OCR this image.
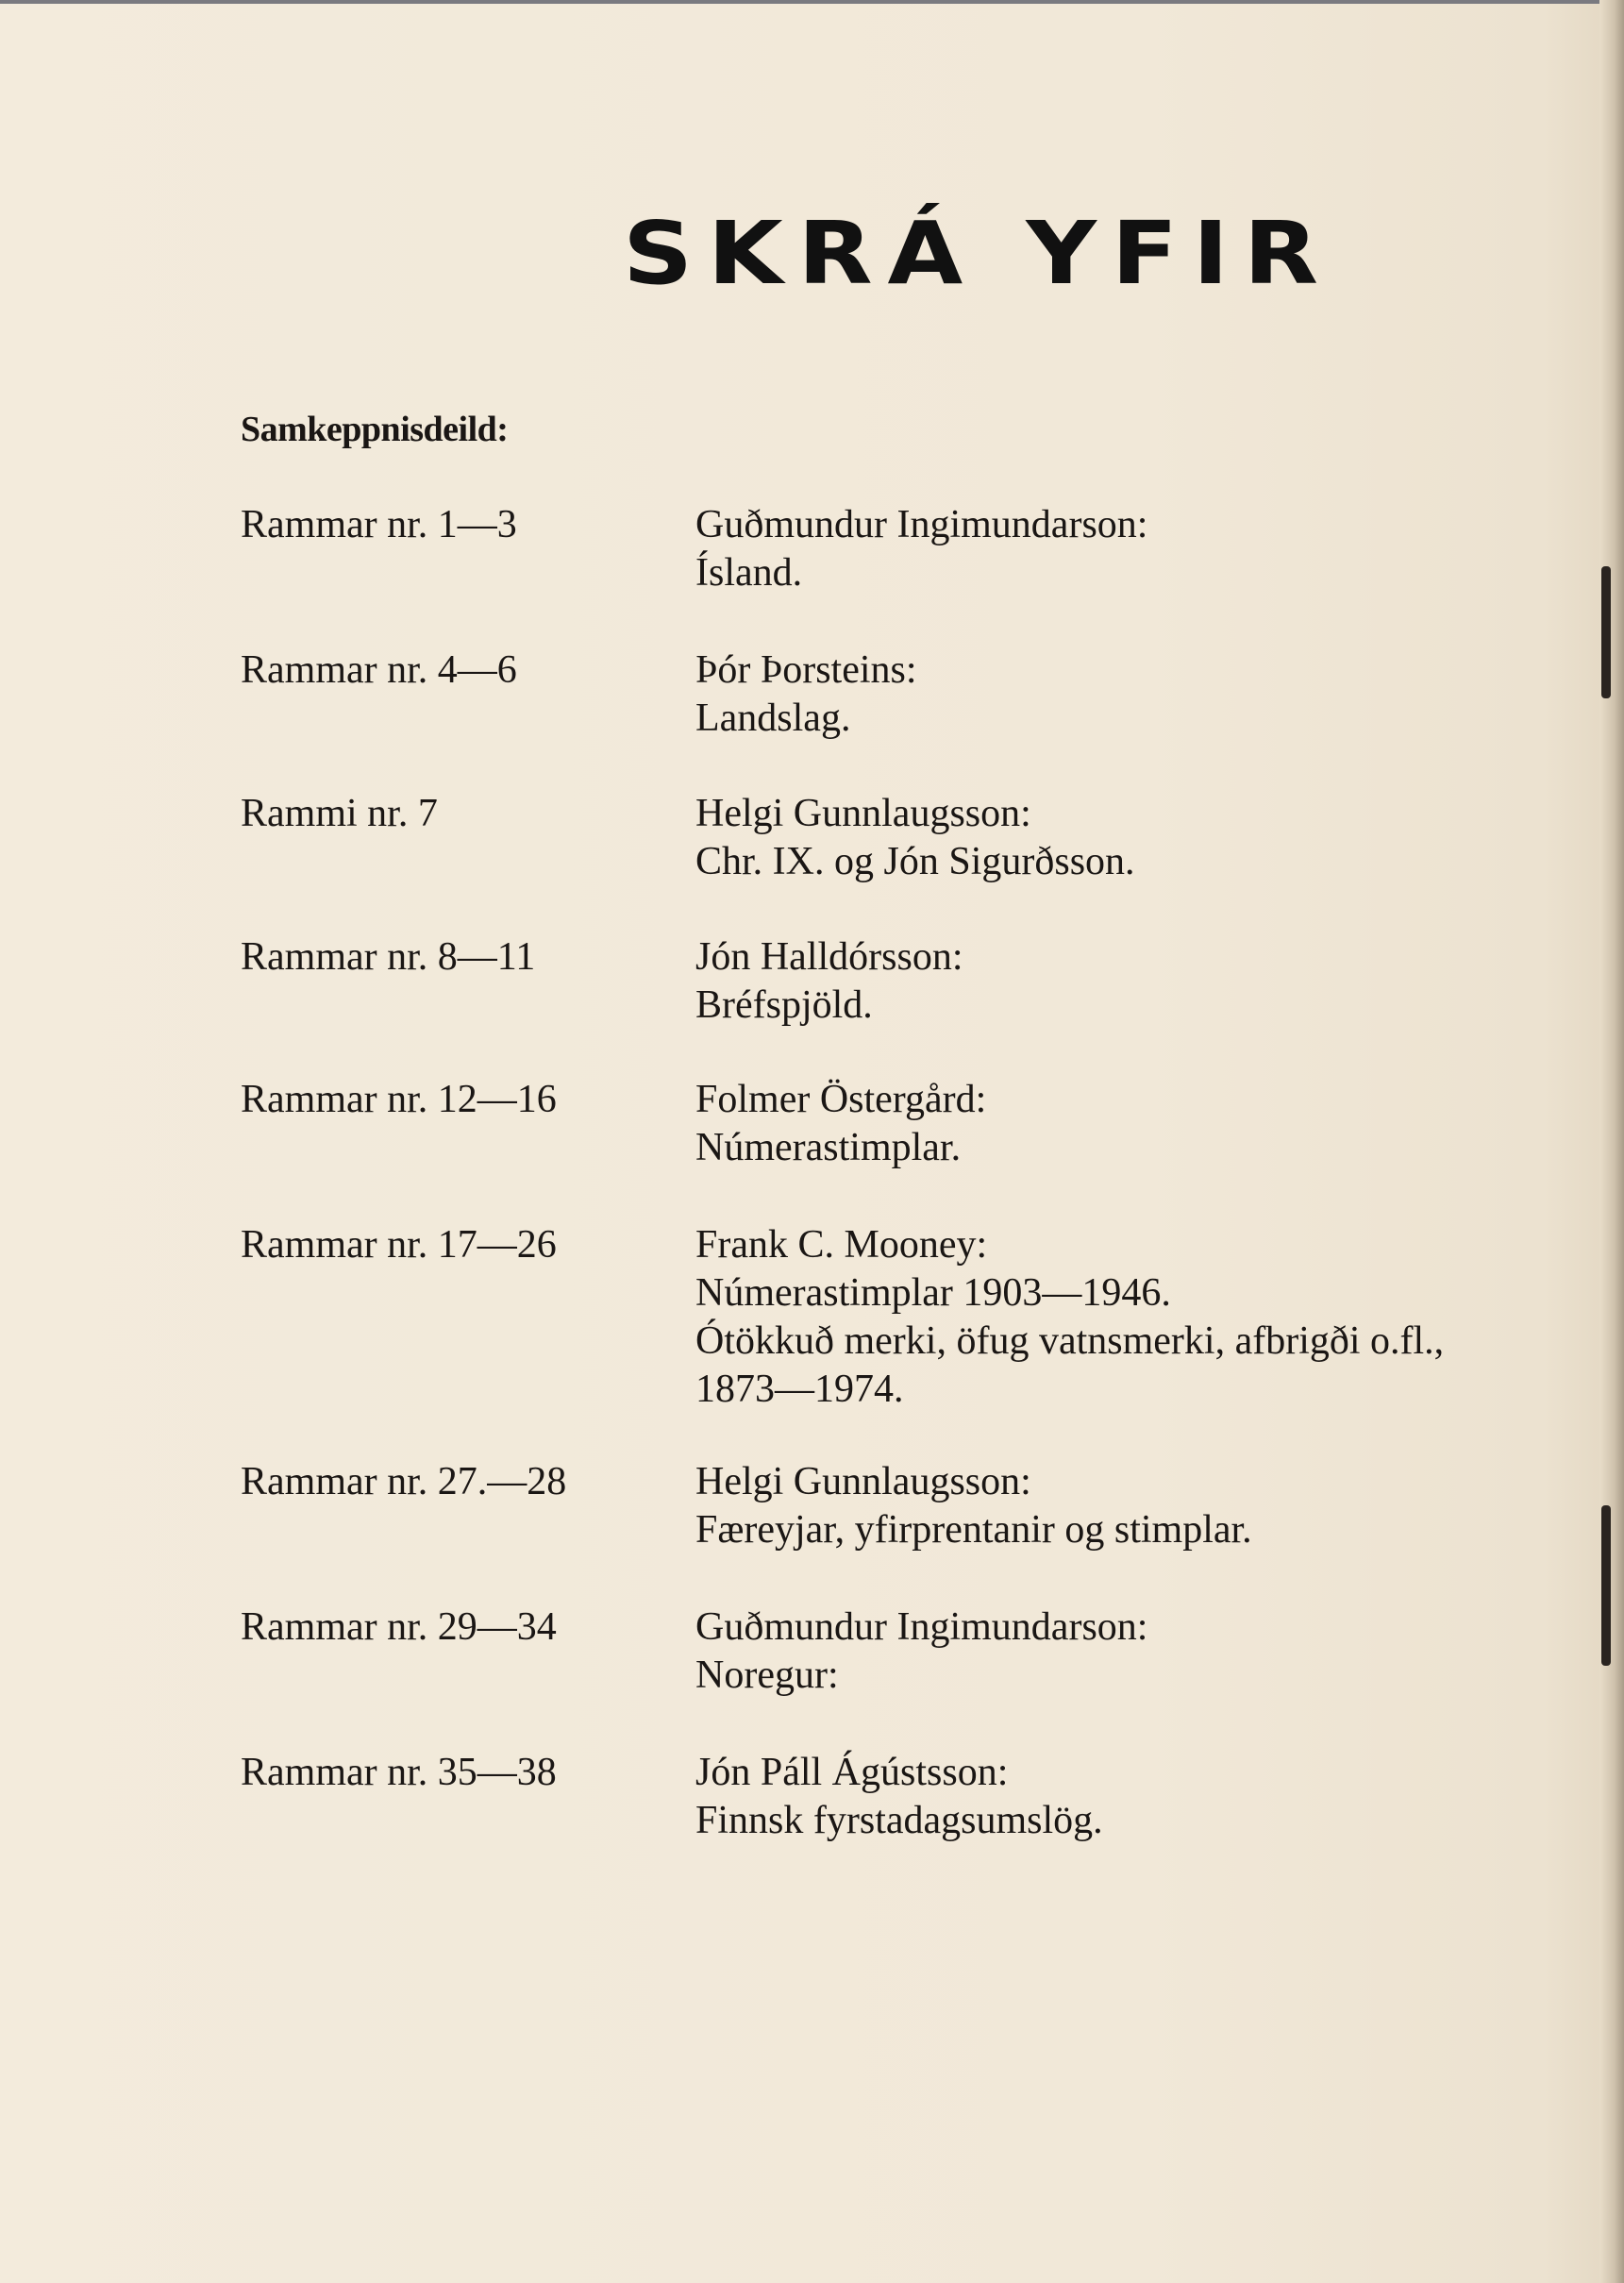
SKRÁ YFIR
Samkeppnisdeild:
Rammar nr. 1—3	Guðmundur Ingimundarson:
Ísland.
Rammar nr. 4—6	Þór Þorsteins:
Landslag.
Rammi nr. 7	Helgi Gunnlaugsson:
Chr. IX. og Jón Sigurðsson.
Rammar nr. 8—11	Jón Halldórsson:
Bréfspjöld.
Rammar nr. 12—16	Folmer Östergård:
Númerastimplar.
Rammar nr. 17—26	Frank C. Mooney:
Númerastimplar 1903—1946.
Ótökkuð merki, öfug vatnsmerki, afbrigði o.fl.,
1873—1974.
Rammar nr. 27.—28	Helgi Gunnlaugsson:
Færeyjar, yfirprentanir og stimplar.
Rammar nr. 29—34	Guðmundur Ingimundarson:
Noregur:
Rammar nr. 35—38	Jón Páll Ágústsson:
Finnsk fyrstadagsumslög.
